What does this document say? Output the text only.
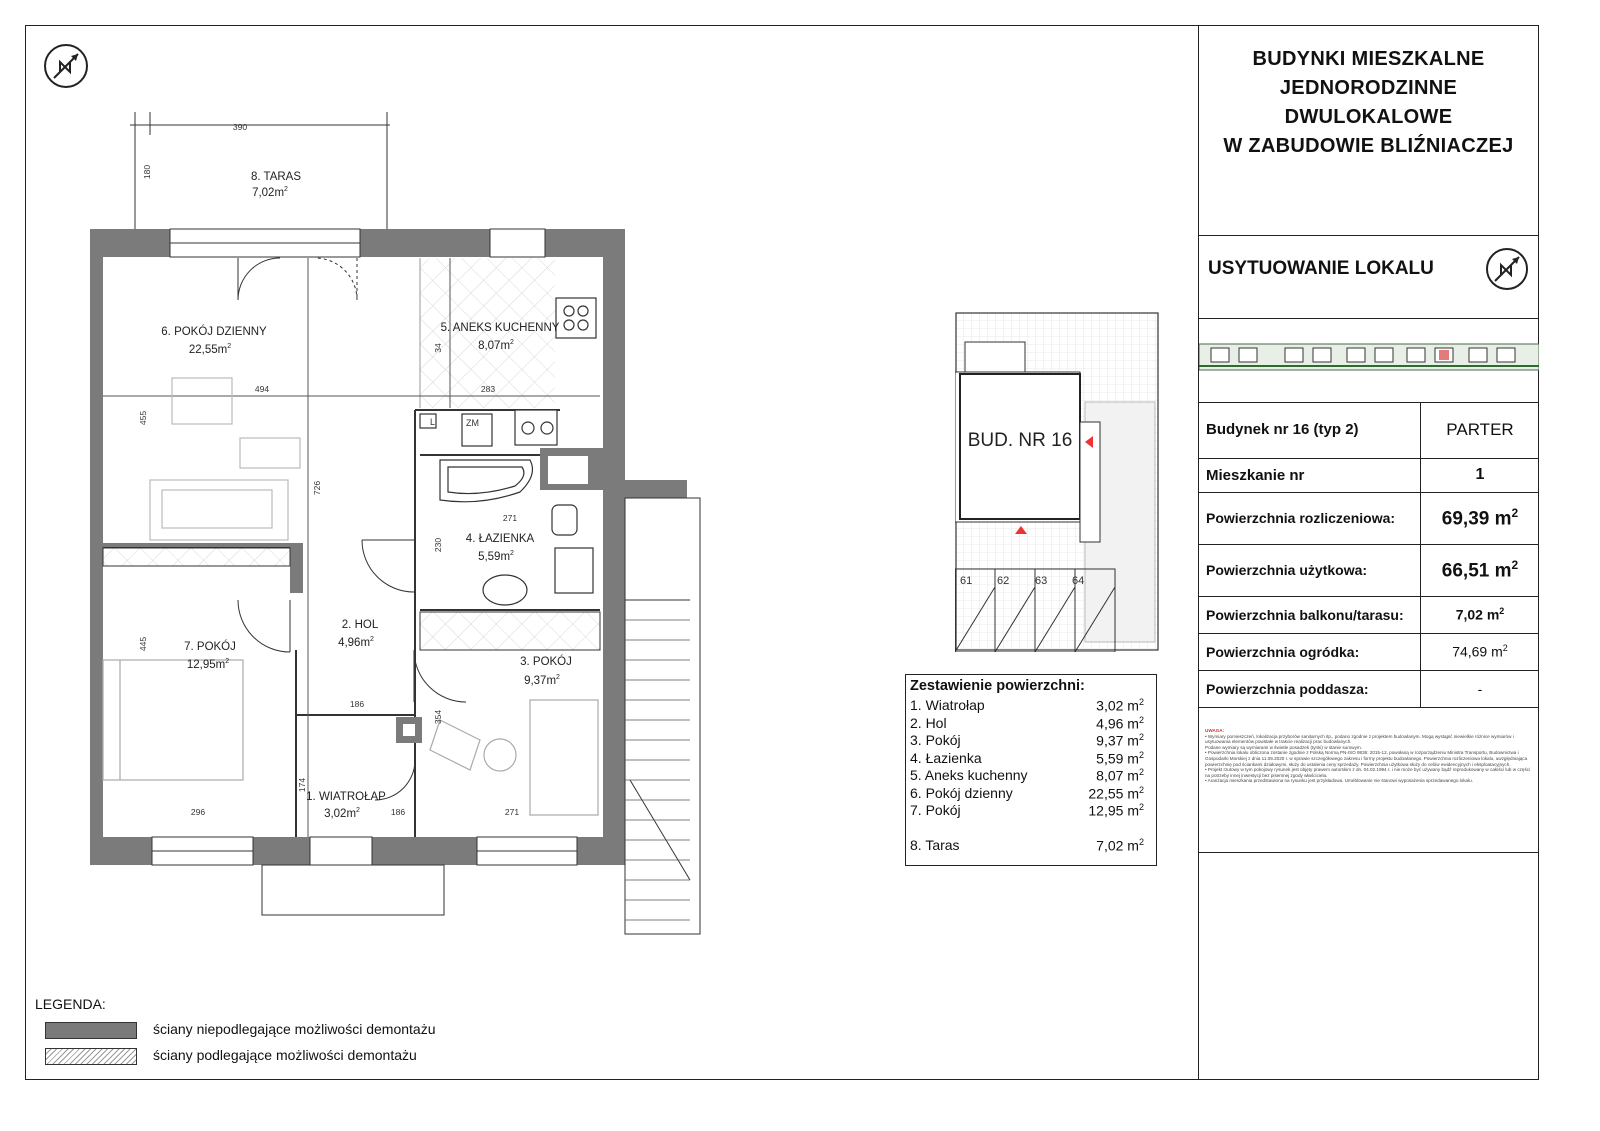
8. TARAS
$7,02m^2$
6. POKÓJ DZIENNY
$22,55m^2$
5. ANEKS KUCHENNY
$8,07m^2$
4. ŁAZIENKA
$5,59m^2$
2. HOL
$4,96m^2$
7. POKÓJ
$12,95m^2$	3. POKÓJ
$9,37m^2$
1. WIATROŁAP
$3,02m^2$
L	ZM
390
180
494	283
455
726
34
271
230
445
186
354
174
186
296	271
BUD. NR 16
61 62 63 64
Zestawienie powierzchni:
1. Wiatrołap	3,02 $m^2$
2. Hol	4,96 $m^2$
3. Pokój	9,37 $m^2$
4. Łazienka	5,59 $m^2$
5. Aneks kuchenny	8,07 $m^2$
6. Pokój dzienny	22,55 $m^2$
7. Pokój	12,95 $m^2$
8. Taras	7,02 $m^2$
BUDYNKI MIESZKALNE
JEDNORODZINNE
DWULOKALOWE
W ZABUDOWIE BLIŹNIACZEJ
USYTUOWANIE LOKALU
Budynek nr 16 (typ 2)	PARTER
Mieszkanie nr	1
Powierzchnia rozliczeniowa:	69,39 $m^2$
Powierzchnia użytkowa:	66,51 $m^2$
Powierzchnia balkonu/tarasu:	7,02 $m^2$
Powierzchnia ogródka:	74,69 $m^2$
Powierzchnia poddasza:	-
UWAGA:
• Wymiary pomieszczeń, lokalizacja przyborów sanitarnych itp., podano zgodnie z projektem budowlanym. Mogą wystąpić niewielkie różnice wymiarów i usytuowania elementów powstałe w trakcie realizacji prac budowlanych.
Podane wymiary są wymiarami w świetle posadzek (tynki) w stanie surowym.
• Powierzchnia lokalu obliczona zostanie zgodnie z Polską Normą PN-ISO 9836: 2015-12, powołaną w rozporządzeniu Ministra Transportu, Budownictwa i Gospodarki Morskiej z dnia 11.09.2020 r. w sprawie szczegółowego zakresu i formy projektu budowlanego. Powierzchnia rozliczeniowa lokalu, uwzględniająca powierzchnię pod ściankami działowymi, służy do ustalenia ceny sprzedaży. Powierzchnia użytkowa służy do celów ewidencyjnych i eksploatacyjnych.
• Projekt rzutowy w tym pokojowy rysunek jest objęty prawem autorskim z dn. 04.02.1994 r. i nie może być używany bądź reprodukowany w całości lub w części na potrzeby innej inwestycji bez pisemnej zgody właściciela.
• Aranżacja mieszkania przedstawiona na rysunku jest przykładowa. Umeblowanie nie stanowi wyposażenia sprzedawanego lokalu.
LEGENDA:
ściany niepodlegające możliwości demontażu
ściany podlegające możliwości demontażu
